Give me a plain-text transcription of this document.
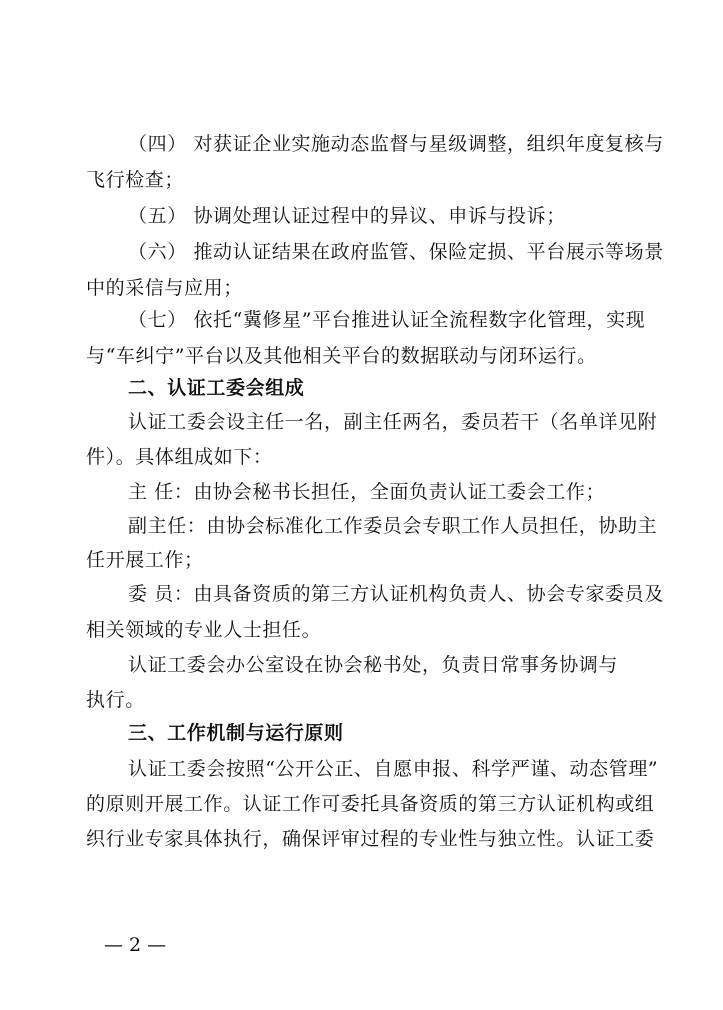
（四） 对获证企业实施动态监督与星级调整，组织年度复核与
飞行检查；
（五） 协调处理认证过程中的异议、申诉与投诉；
（六） 推动认证结果在政府监管、保险定损、平台展示等场景
中的采信与应用；
（七） 依托“冀修星”平台推进认证全流程数字化管理，实现
与“车纠宁”平台以及其他相关平台的数据联动与闭环运行。
二、认证工委会组成
认证工委会设主任一名，副主任两名，委员若干（名单详见附
件）。具体组成如下：
主 任：由协会秘书长担任，全面负责认证工委会工作；
副主任：由协会标准化工作委员会专职工作人员担任，协助主
任开展工作；
委 员：由具备资质的第三方认证机构负责人、协会专家委员及
相关领域的专业人士担任。
认证工委会办公室设在协会秘书处，负责日常事务协调与
执行。
三、工作机制与运行原则
认证工委会按照“公开公正、自愿申报、科学严谨、动态管理”
的原则开展工作。认证工作可委托具备资质的第三方认证机构或组
织行业专家具体执行，确保评审过程的专业性与独立性。认证工委
— 2 —
